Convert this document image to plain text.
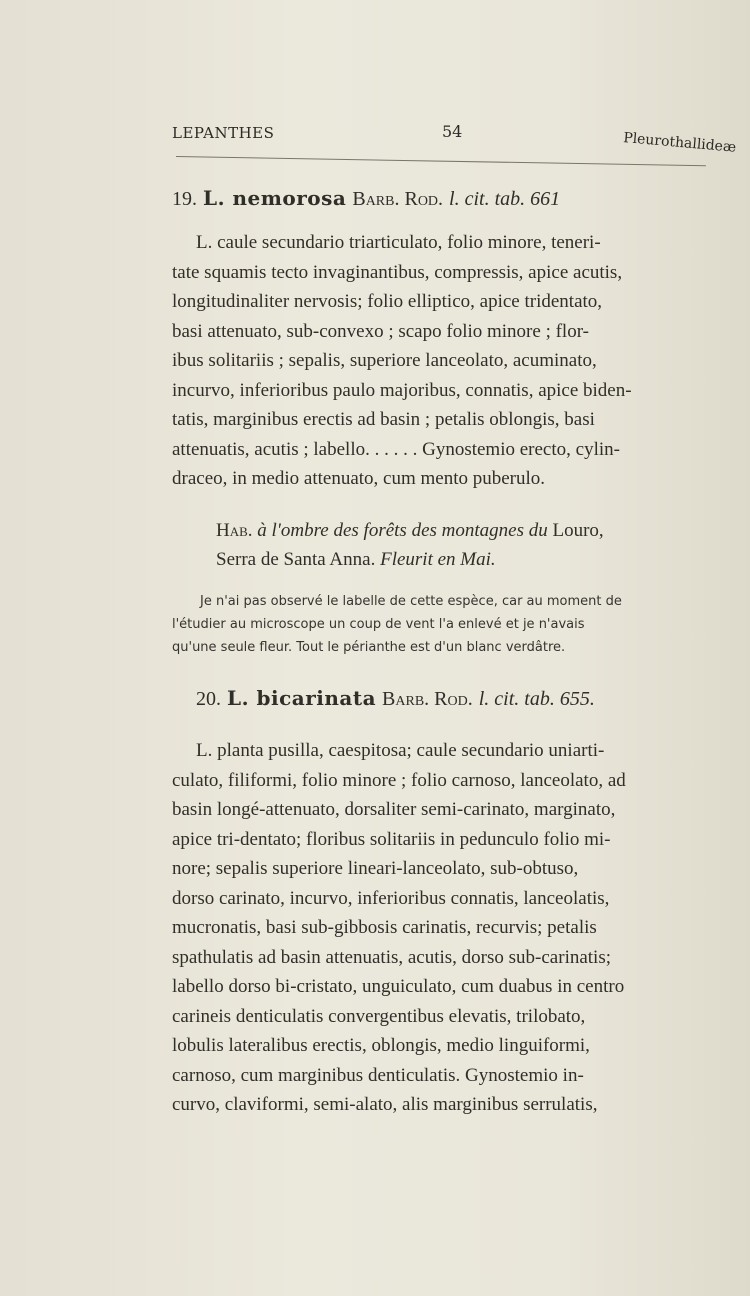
LEPANTHES	54	Pleurothallideæ

19. L. nemorosa Barb. Rod. l. cit. tab. 661

L. caule secundario triarticulato, folio minore, teneri-
tate squamis tecto invaginantibus, compressis, apice acutis,
longitudinaliter nervosis; folio elliptico, apice tridentato,
basi attenuato, sub-convexo ; scapo folio minore ; flor-
ibus solitariis ; sepalis, superiore lanceolato, acuminato,
incurvo, inferioribus paulo majoribus, connatis, apice biden-
tatis, marginibus erectis ad basin ; petalis oblongis, basi
attenuatis, acutis ; labello. . . . . . Gynostemio erecto, cylin-
draceo, in medio attenuato, cum mento puberulo.

Hab. à l'ombre des forêts des montagnes du Louro,

Serra de Santa Anna. Fleurit en Mai.

Je n'ai pas observé le labelle de cette espèce, car au moment de
l'étudier au microscope un coup de vent l'a enlevé et je n'avais
qu'une seule fleur. Tout le périanthe est d'un blanc verdâtre.

20. L. bicarinata Barb. Rod. l. cit. tab. 655.

L. planta pusilla, caespitosa; caule secundario uniarti-
culato, filiformi, folio minore ; folio carnoso, lanceolato, ad
basin longé-attenuato, dorsaliter semi-carinato, marginato,
apice tri-dentato; floribus solitariis in pedunculo folio mi-
nore; sepalis superiore lineari-lanceolato, sub-obtuso,
dorso carinato, incurvo, inferioribus connatis, lanceolatis,
mucronatis, basi sub-gibbosis carinatis, recurvis; petalis
spathulatis ad basin attenuatis, acutis, dorso sub-carinatis;
labello dorso bi-cristato, unguiculato, cum duabus in centro
carineis denticulatis convergentibus elevatis, trilobato,
lobulis lateralibus erectis, oblongis, medio linguiformi,
carnoso, cum marginibus denticulatis. Gynostemio in-
curvo, claviformi, semi-alato, alis marginibus serrulatis,
